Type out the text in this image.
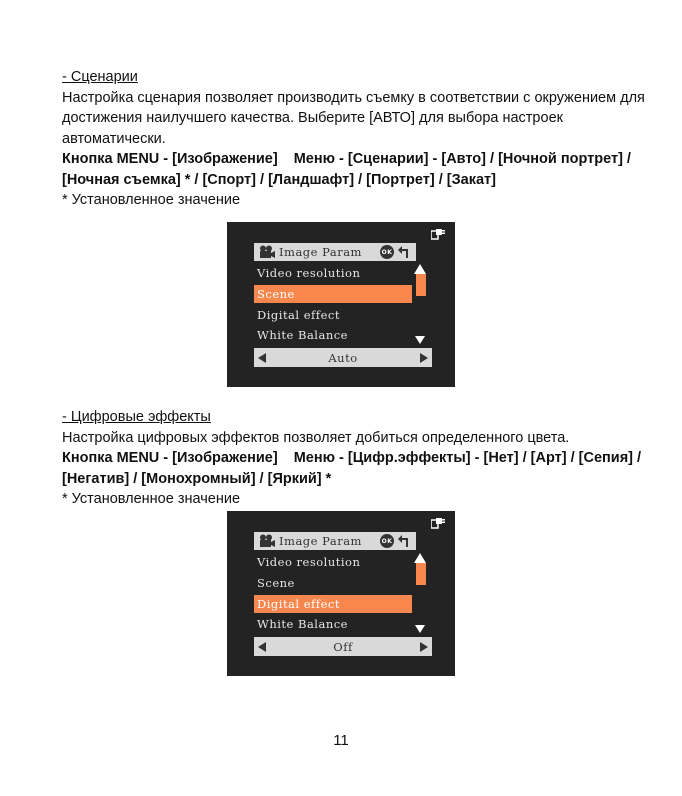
- Сценарии

Настройка сценария позволяет производить съемку в соответствии с окружением для достижения наилучшего качества. Выберите [АВТО] для выбора настроек автоматически.

Кнопка MENU - [Изображение] Меню - [Сценарии] - [Авто] / [Ночной портрет] / [Ночная съемка] * / [Спорт] / [Ландшафт] / [Портрет] / [Закат]

* Установленное значение

Image Param	OK
Video resolution
Scene
Digital effect
White Balance
Auto

- Цифровые эффекты

Настройка цифровых эффектов позволяет добиться определенного цвета.

Кнопка MENU - [Изображение] Меню - [Цифр.эффекты] - [Нет] / [Арт] / [Сепия] / [Негатив] / [Монохромный] / [Яркий] *

* Установленное значение

Image Param	OK
Video resolution
Scene
Digital effect
White Balance
Off
11
